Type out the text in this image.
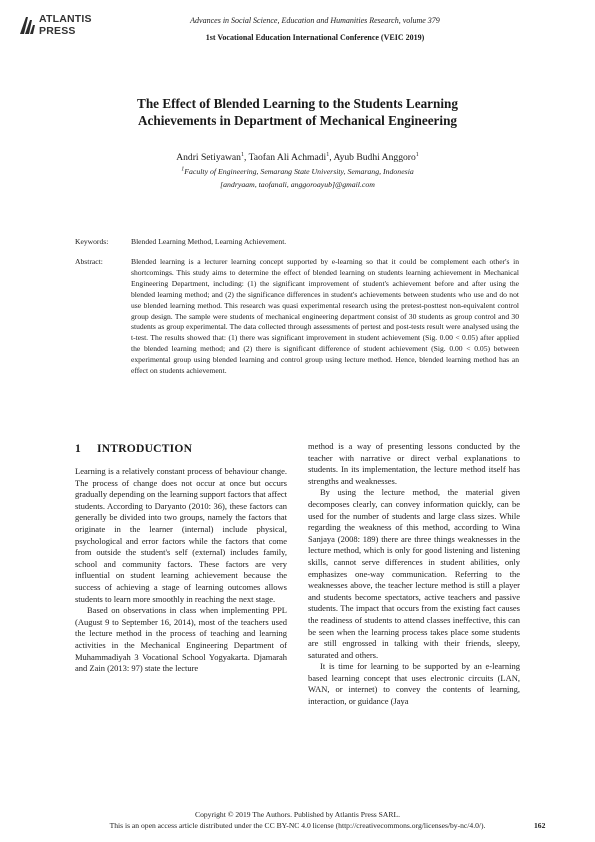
ATLANTIS
PRESS
Advances in Social Science, Education and Humanities Research, volume 379
1st Vocational Education International Conference (VEIC 2019)
The Effect of Blended Learning to the Students Learning
Achievements in Department of Mechanical Engineering
Andri Setiyawan$^1$, Taofan Ali Achmadi$^1$, Ayub Budhi Anggoro$^1$
$^1$Faculty of Engineering, Semarang State University, Semarang, Indonesia
[andryaam, taofanali, anggoroayub]@gmail.com
Keywords:	Blended Learning Method, Learning Achievement.
Abstract:	Blended learning is a lecturer learning concept supported by e-learning so that it could be complement each other's in shortcomings. This study aims to determine the effect of blended learning on students learning achievement in Mechanical Engineering Department, including: (1) the significant improvement of student's achievement before and after using the blended learning method; and (2) the significance differences in student's achievements between students who use and do not use blended learning method. This research was quasi experimental research using the pretest-posttest non-equivalent control group design. The sample were students of mechanical engineering department consist of 30 students as group control and 30 students as group experimental. The data collected through assessments of pertest and post-tests result were analysed using the t-test. The results showed that: (1) there was significant improvement in student achievement (Sig. 0.00 < 0.05) after applied the blended learning method; and (2) there is significant difference of student achievement (Sig. 0.00 < 0.05) between experimental group using blended learning and control group using lecture method. Hence, blended learning method has an effect on students achievement.
1 INTRODUCTION

Learning is a relatively constant process of behaviour change. The process of change does not occur at once but occurs gradually depending on the learning support factors that affect students. According to Daryanto (2010: 36), these factors can generally be divided into two groups, namely the factors that originate in the learner (internal) include physical, psychological and error factors while the factors that come from outside the student's self (external) includes family, school and community factors. These factors are very influential on student learning achievement because the success of achieving a stage of learning outcomes allows students to learn more smoothly in reaching the next stage.

Based on observations in class when implementing PPL (August 9 to September 16, 2014), most of the teachers used the lecture method in the process of teaching and learning activities in the Mechanical Engineering Department of Muhammadiyah 3 Vocational School Yogyakarta. Djamarah and Zain (2013: 97) state the lecture

method is a way of presenting lessons conducted by the teacher with narrative or direct verbal explanations to students. In its implementation, the lecture method itself has strengths and weaknesses.

By using the lecture method, the material given decomposes clearly, can convey information quickly, can be used for the number of students and large class sizes. While regarding the weakness of this method, according to Wina Sanjaya (2008: 189) there are three things weaknesses in the lecture method, which is only for good listening and listening skills, cannot serve differences in student abilities, only emphasizes one-way communication. Referring to the weaknesses above, the teacher lecture method is still a player and students become spectators, active teachers and passive students. The impact that occurs from the existing fact causes the readiness of students to attend classes ineffective, this can be seen when the learning process takes place some students are still engrossed in talking with their friends, sleepy, saturated and others.

It is time for learning to be supported by an e-learning based learning concept that uses electronic circuits (LAN, WAN, or internet) to convey the contents of learning, interaction, or guidance (Jaya

Copyright © 2019 The Authors. Published by Atlantis Press SARL.
This is an open access article distributed under the CC BY-NC 4.0 license (http://creativecommons.org/licenses/by-nc/4.0/).	162
